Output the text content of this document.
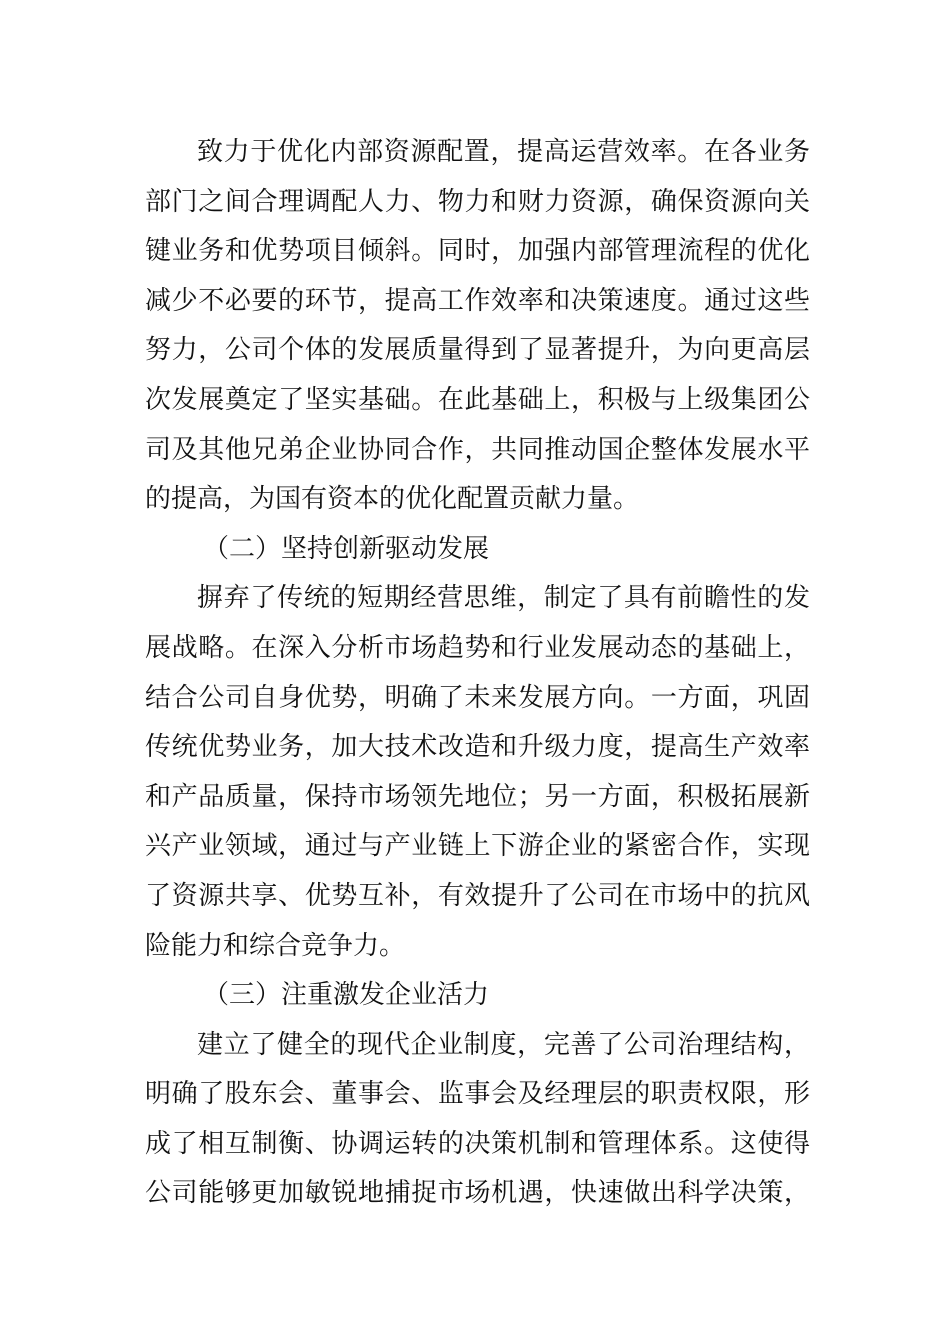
致力于优化内部资源配置，提高运营效率。在各业务
部门之间合理调配人力、物力和财力资源，确保资源向关
键业务和优势项目倾斜。同时，加强内部管理流程的优化
减少不必要的环节，提高工作效率和决策速度。通过这些
努力，公司个体的发展质量得到了显著提升，为向更高层
次发展奠定了坚实基础。在此基础上，积极与上级集团公
司及其他兄弟企业协同合作，共同推动国企整体发展水平
的提高，为国有资本的优化配置贡献力量。
（二）坚持创新驱动发展
摒弃了传统的短期经营思维，制定了具有前瞻性的发
展战略。在深入分析市场趋势和行业发展动态的基础上，
结合公司自身优势，明确了未来发展方向。一方面，巩固
传统优势业务，加大技术改造和升级力度，提高生产效率
和产品质量，保持市场领先地位；另一方面，积极拓展新
兴产业领域，通过与产业链上下游企业的紧密合作，实现
了资源共享、优势互补，有效提升了公司在市场中的抗风
险能力和综合竞争力。
（三）注重激发企业活力
建立了健全的现代企业制度，完善了公司治理结构，
明确了股东会、董事会、监事会及经理层的职责权限，形
成了相互制衡、协调运转的决策机制和管理体系。这使得
公司能够更加敏锐地捕捉市场机遇，快速做出科学决策，
